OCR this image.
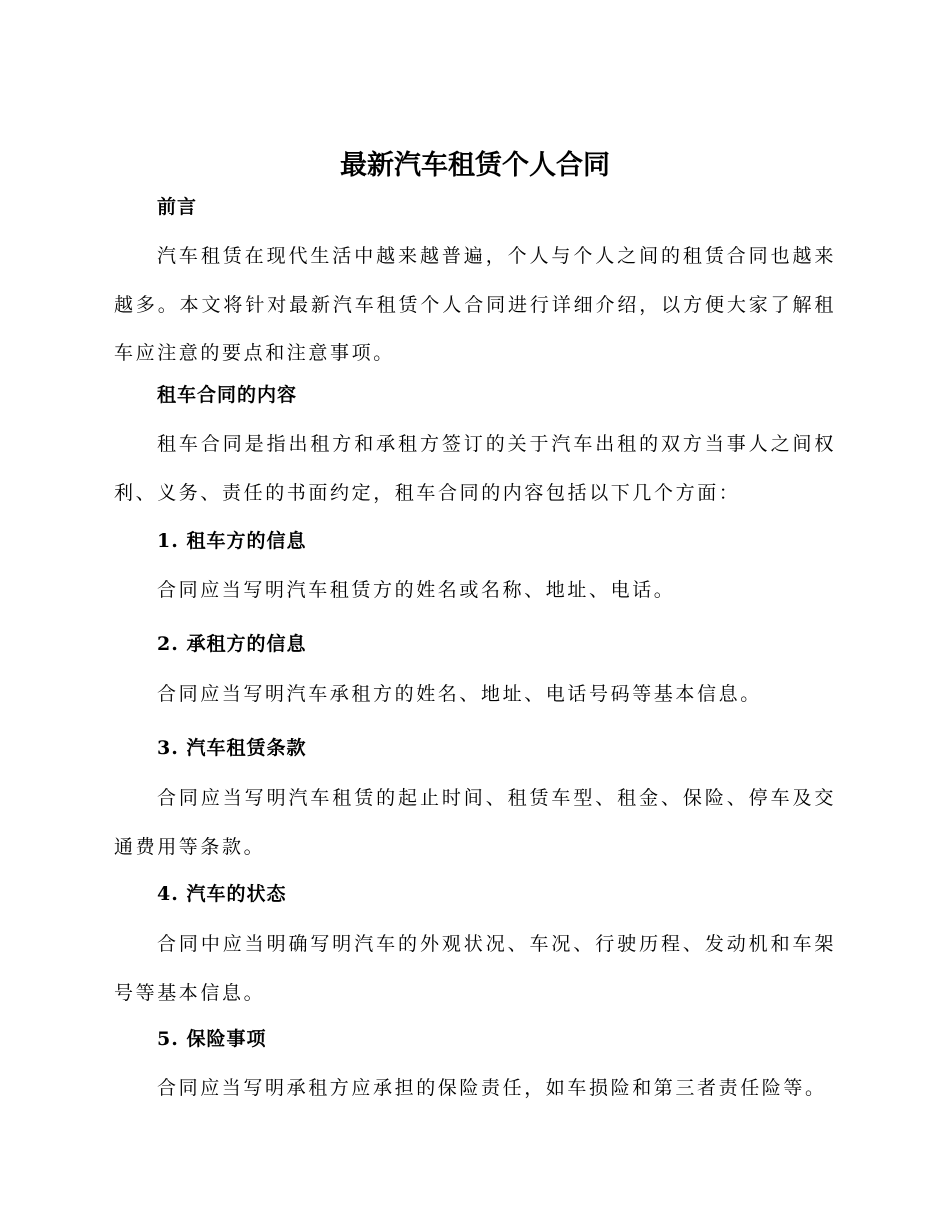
最新汽车租赁个人合同
前言
汽车租赁在现代生活中越来越普遍，个人与个人之间的租赁合同也越来越多。本文将针对最新汽车租赁个人合同进行详细介绍，以方便大家了解租车应注意的要点和注意事项。
租车合同的内容
租车合同是指出租方和承租方签订的关于汽车出租的双方当事人之间权利、义务、责任的书面约定，租车合同的内容包括以下几个方面：
1. 租车方的信息
合同应当写明汽车租赁方的姓名或名称、地址、电话。
2. 承租方的信息
合同应当写明汽车承租方的姓名、地址、电话号码等基本信息。
3. 汽车租赁条款
合同应当写明汽车租赁的起止时间、租赁车型、租金、保险、停车及交通费用等条款。
4. 汽车的状态
合同中应当明确写明汽车的外观状况、车况、行驶历程、发动机和车架号等基本信息。
5. 保险事项
合同应当写明承租方应承担的保险责任，如车损险和第三者责任险等。
